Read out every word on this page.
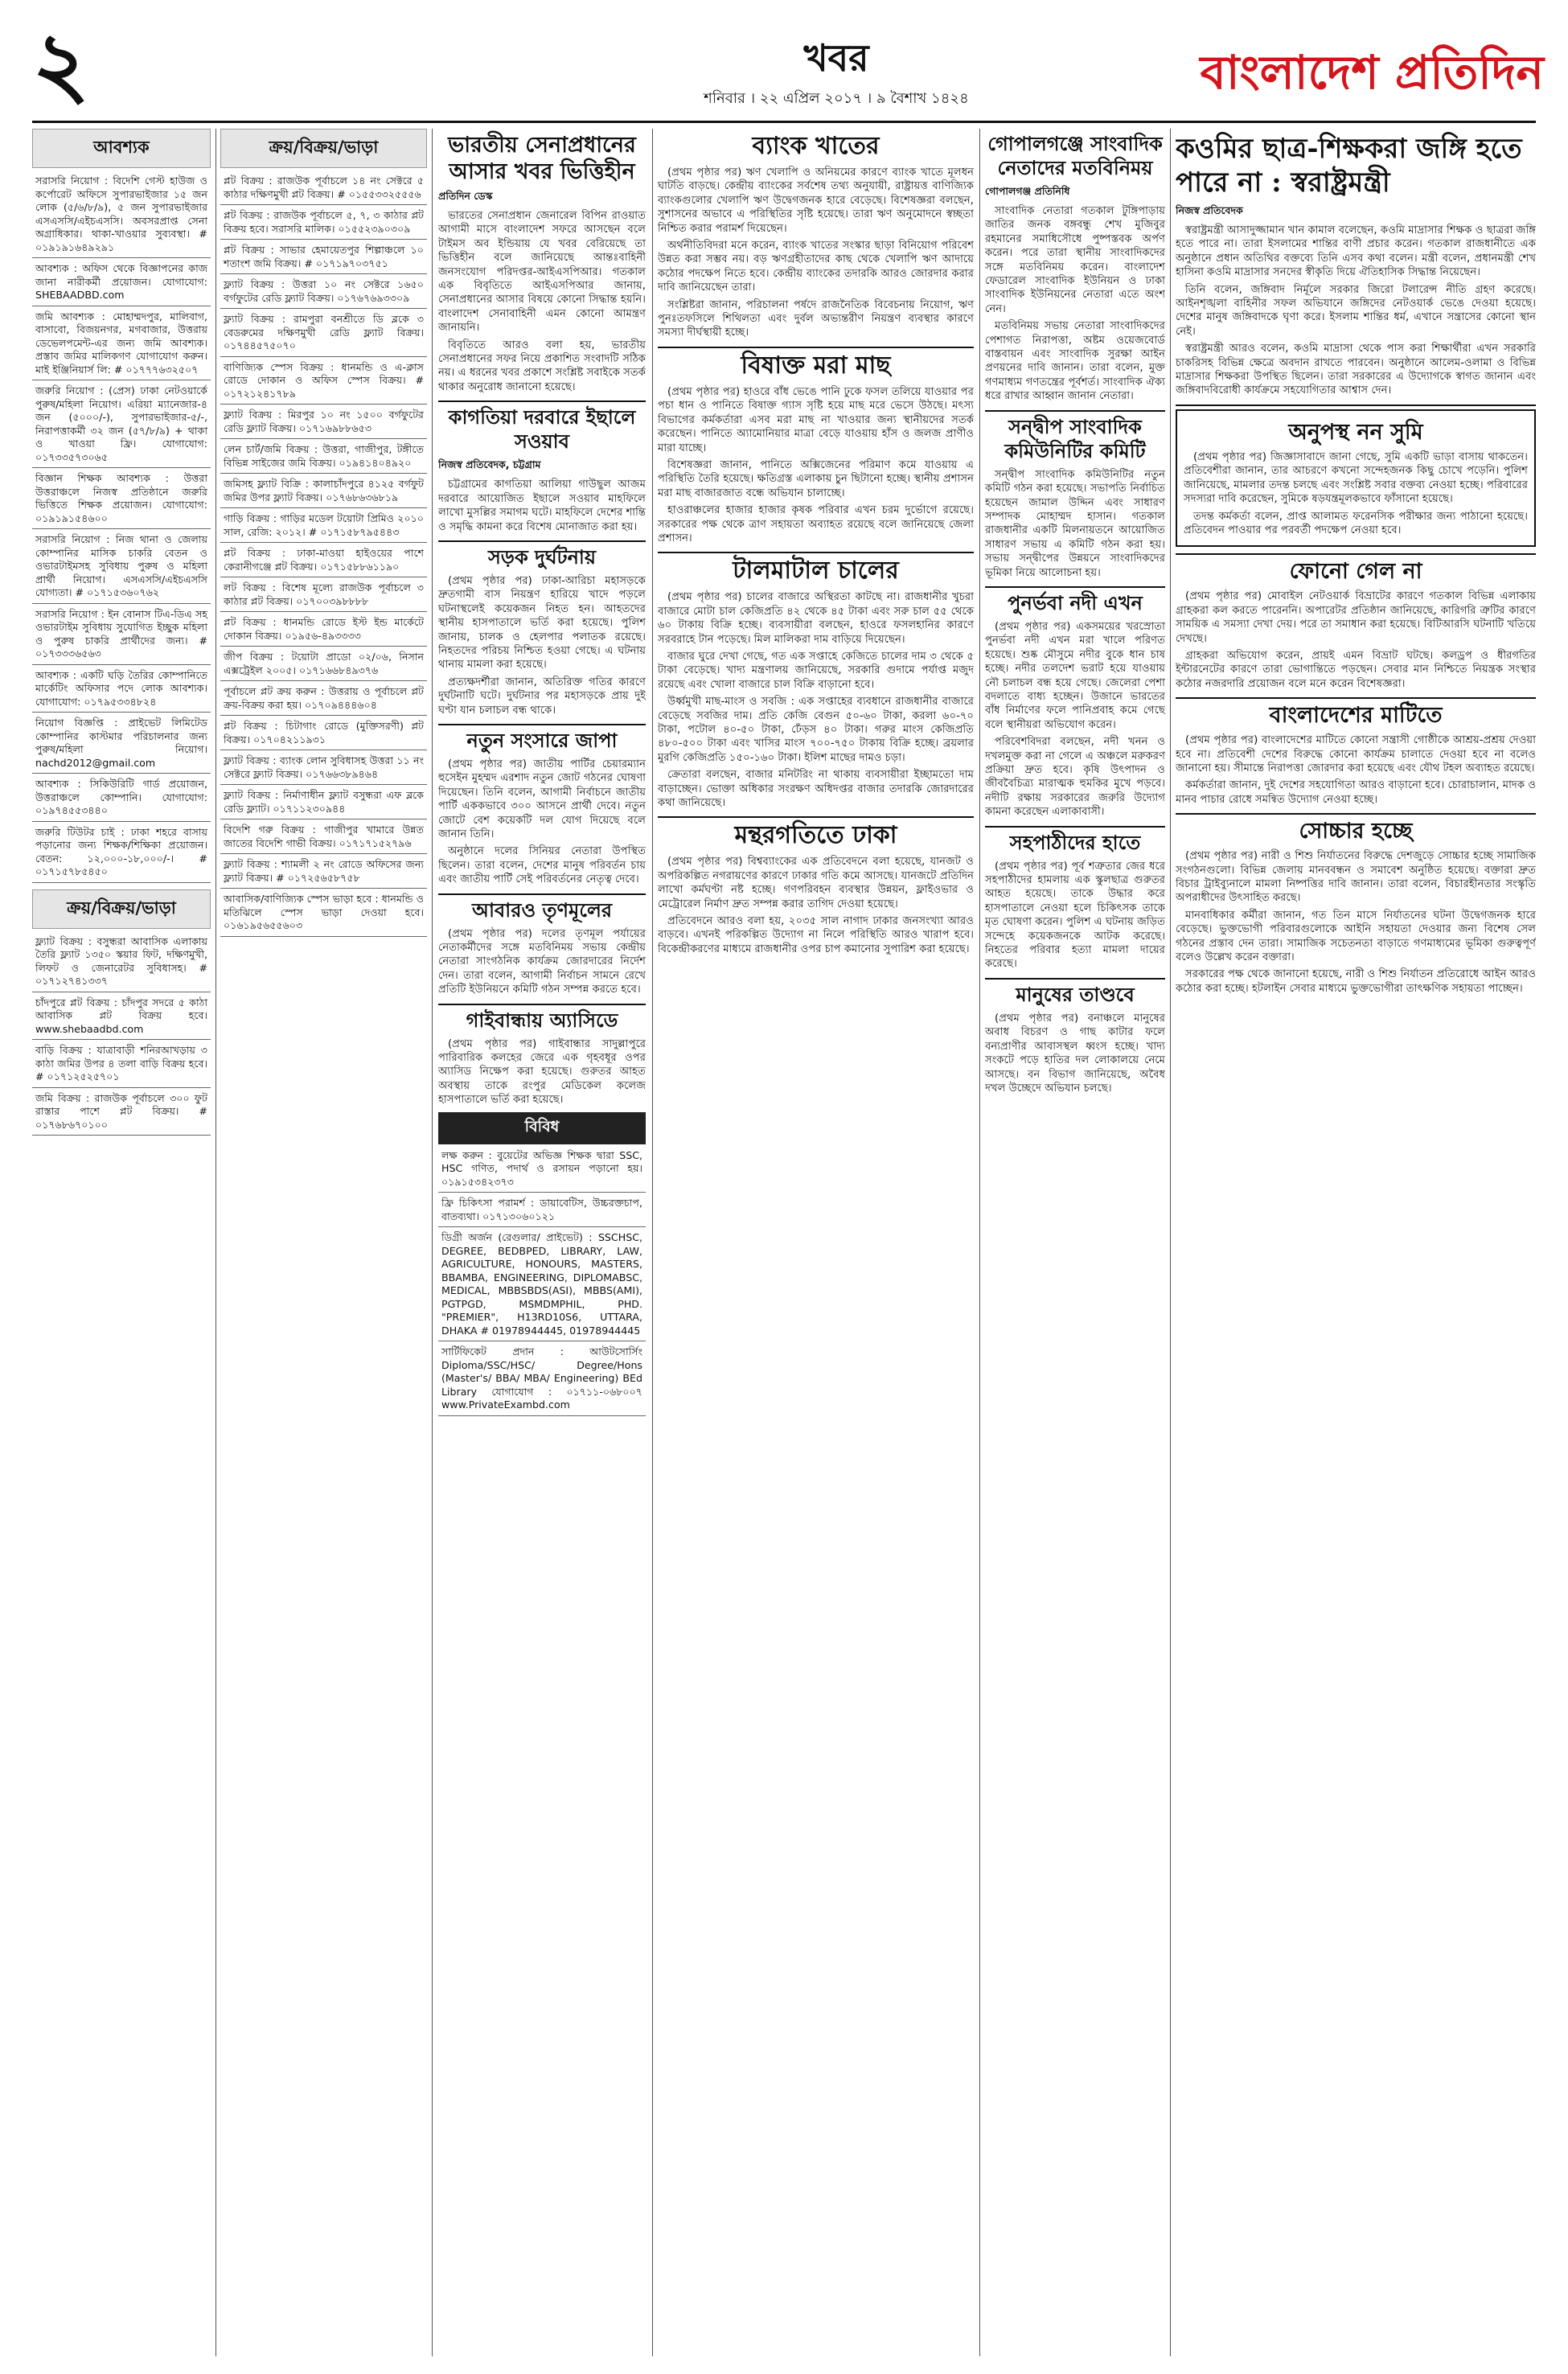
২	খবর
শনিবার । ২২ এপ্রিল ২০১৭ । ৯ বৈশাখ ১৪২৪	বাংলাদেশ প্রতিদিন
আবশ্যক
সরাসরি নিয়োগ : বিদেশি গেস্ট হাউজ ও কর্পোরেট অফিসে সুপারভাইজার ১৫ জন লোক (৫/৬/৮/৯), ৫ জন সুপারভাইজার এসএসসি/এইচএসসি। অবসরপ্রাপ্ত সেনা অগ্রাধিকার। থাকা-খাওয়ার সুব্যবস্থা। # ০১৯১৯১৬৪৯২৯১
আবশ্যক : অফিস থেকে বিজ্ঞাপনের কাজ জানা নারীকর্মী প্রয়োজন। যোগাযোগ: SHEBAADBD.com
জমি আবশ্যক : মোহাম্মদপুর, মালিবাগ, বাসাবো, বিজয়নগর, মগবাজার, উত্তরায় ডেভেলপমেন্ট-এর জন্য জমি আবশ্যক। প্রস্তাব জমির মালিকগণ যোগাযোগ করুন। মাই ইঞ্জিনিয়ার্স লি: # ০১৭৭৭৬৩২৫০৭
জরুরি নিয়োগ : (প্রেস) ঢাকা নেটওয়ার্কে পুরুষ/মহিলা নিয়োগ। এরিয়া ম্যানেজার-৪ জন (৫০০০/-), সুপারভাইজার-৫/-, নিরাপত্তাকর্মী ৩২ জন (৫৭/৮/৯) + থাকা ও খাওয়া ফ্রি। যোগাযোগ: ০১৭৩৩৫৭৩০৬৫
বিজ্ঞান শিক্ষক আবশ্যক : উত্তরা উত্তরাঞ্চলে নিজস্ব প্রতিষ্ঠানে জরুরি ভিত্তিতে শিক্ষক প্রয়োজন। যোগাযোগ: ০১৯১৯১৫৪৬০০
সরাসরি নিয়োগ : নিজ থানা ও জেলায় কোম্পানির মাসিক চাকরি বেতন ও ওভারটাইমসহ সুবিধায় পুরুষ ও মহিলা প্রার্থী নিয়োগ। এসএসসি/এইচএসসি যোগ্যতা। # ০১৭১৫৩৬০৭৬২
সরাসরি নিয়োগ : ইন বোনাস টিএ-ডিএ সহ ওভারটাইম সুবিধায় সুযোগিত ইচ্ছুক মহিলা ও পুরুষ চাকরি প্রার্থীদের জন্য। # ০১৭৩৩৩৬৫৬৩
আবশ্যক : একটি ঘড়ি তৈরির কোম্পানিতে মার্কেটিং অফিসার পদে লোক আবশ্যক। যোগাযোগ: ০১৭৯৫৩৩৪৮২৪
নিয়োগ বিজ্ঞপ্তি : প্রাইভেট লিমিটেড কোম্পানির কাস্টমার পরিচালনার জন্য পুরুষ/মহিলা নিয়োগ। nachd2012@gmail.com
আবশ্যক : সিকিউরিটি গার্ড প্রয়োজন, উত্তরাঞ্চলে কোম্পানি। যোগাযোগ: ০১৯৭৪৫৫৩৪৪০
জরুরি টিউটর চাই : ঢাকা শহরে বাসায় পড়ানোর জন্য শিক্ষক/শিক্ষিকা প্রয়োজন। বেতন: ১২,০০০-১৮,০০০/-। # ০১৭১৫৭৮৫৪৫০
ক্রয়/বিক্রয়/ভাড়া
ফ্ল্যাট বিক্রয় : বসুন্ধরা আবাসিক এলাকায় তৈরি ফ্ল্যাট ১৩৫০ স্কয়ার ফিট, দক্ষিণমুখী, লিফট ও জেনারেটর সুবিধাসহ। # ০১৭১২৭৪১৩৩৭
চাঁদপুরে প্লট বিক্রয় : চাঁদপুর সদরে ৫ কাঠা আবাসিক প্লট বিক্রয় হবে। www.shebaadbd.com
বাড়ি বিক্রয় : যাত্রাবাড়ী শনিরআখড়ায় ৩ কাঠা জমির উপর ৪ তলা বাড়ি বিক্রয় হবে। # ০১৭১২৫২৫৭০১
জমি বিক্রয় : রাজউক পূর্বাচলে ৩০০ ফুট রাস্তার পাশে প্লট বিক্রয়। # ০১৭৬৮৬৭০১০০
ক্রয়/বিক্রয়/ভাড়া
প্লট বিক্রয় : রাজউক পূর্বাচলে ১৪ নং সেক্টরে ৫ কাঠার দক্ষিণমুখী প্লট বিক্রয়। # ০১৫৫৩৩২৫৫৫৬
প্লট বিক্রয় : রাজউক পূর্বাচলে ৫, ৭, ৩ কাঠার প্লট বিক্রয় হবে। সরাসরি মালিক। ০১৫৫২৩৯০৩০৯
প্লট বিক্রয় : সাভার হেমায়েতপুর শিল্পাঞ্চলে ১০ শতাংশ জমি বিক্রয়। # ০১৭১৯৭০৩৭৫১
ফ্ল্যাট বিক্রয় : উত্তরা ১০ নং সেক্টরে ১৬৫০ বর্গফুটের রেডি ফ্ল্যাট বিক্রয়। ০১৭৬৭৬৯৩৩০৯
ফ্ল্যাট বিক্রয় : রামপুরা বনশ্রীতে ডি ব্লকে ৩ বেডরুমের দক্ষিণমুখী রেডি ফ্ল্যাট বিক্রয়। ০১৭৪৪৫৭৫০৭০
বাণিজ্যিক স্পেস বিক্রয় : ধানমন্ডি ও এ-ক্লাস রোডে দোকান ও অফিস স্পেস বিক্রয়। # ০১৭২১২৪১৭৮৯
ফ্ল্যাট বিক্রয় : মিরপুর ১০ নং ১৫০০ বর্গফুটের রেডি ফ্ল্যাট বিক্রয়। ০১৭১৬৯৮৮৬৫৩
লেন চার্ট/জমি বিক্রয় : উত্তরা, গাজীপুর, টঙ্গীতে বিভিন্ন সাইজের জমি বিক্রয়। ০১৯৪১৪০৪৯২০
জমিসহ ফ্ল্যাট বিক্রি : কালাচাঁদপুরে ৪১২৫ বর্গফুট জমির উপর ফ্ল্যাট বিক্রয়। ০১৭৬৮৬৩৬৮১৯
গাড়ি বিক্রয় : গাড়ির মডেল টয়োটা প্রিমিও ২০১০ সাল, রেজি: ২০১২। # ০১৭১৫৮৭৯৫৪৪৩
প্লট বিক্রয় : ঢাকা-মাওয়া হাইওয়ের পাশে কেরানীগঞ্জে প্লট বিক্রয়। ০১৭১৫৮৮৬১১৯০
লট বিক্রয় : বিশেষ মূল্যে রাজউক পূর্বাচলে ৩ কাঠার প্লট বিক্রয়। ০১৭০০৩৯৮৮৮৮
প্লট বিক্রয় : ধানমন্ডি রোডে ইস্ট ইন্ড মার্কেটে দোকান বিক্রয়। ০১৯৫৬-৪৯৩৩৩৩
জীপ বিক্রয় : টয়োটা প্রাডো ০২/০৬, নিসান এক্সট্রেইল ২০০৫। ০১৭১৬৬৮৪৯৩৭৬
পূর্বাচলে প্লট ক্রয় করুন : উত্তরায় ও পূর্বাচলে প্লট ক্রয়-বিক্রয় করা হয়। ০১৭০৯৪৪৪৬০৪
প্লট বিক্রয় : চিটাগাং রোডে (মুক্তিসরণী) প্লট বিক্রয়। ০১৭০৪২১১৯৩১
ফ্ল্যাট বিক্রয় : ব্যাংক লোন সুবিধাসহ উত্তরা ১১ নং সেক্টরে ফ্ল্যাট বিক্রয়। ০১৭৬৬৩৮৯৪৬৪
ফ্ল্যাট বিক্রয় : নির্মাণাধীন ফ্ল্যাট বসুন্ধরা এফ ব্লকে রেডি ফ্ল্যাট। ০১৭১১২৩০৯৪৪
বিদেশি গরু বিক্রয় : গাজীপুর খামারে উন্নত জাতের বিদেশি গাভী বিক্রয়। ০১৭১৭১৫২৭৯৬
ফ্ল্যাট বিক্রয় : শ্যামলী ২ নং রোডে অফিসের জন্য ফ্ল্যাট বিক্রয়। # ০১৭২৫৬৫৮৭৫৮
আবাসিক/বাণিজ্যিক স্পেস ভাড়া হবে : ধানমন্ডি ও মতিঝিলে স্পেস ভাড়া দেওয়া হবে। ০১৬১৯৫৬৫৫৬০৩
ভারতীয় সেনাপ্রধানের আসার খবর ভিত্তিহীন
প্রতিদিন ডেস্ক

ভারতের সেনাপ্রধান জেনারেল বিপিন রাওয়াত আগামী মাসে বাংলাদেশ সফরে আসছেন বলে টাইমস অব ইন্ডিয়ায় যে খবর বেরিয়েছে তা ভিত্তিহীন বলে জানিয়েছে আন্তঃবাহিনী জনসংযোগ পরিদপ্তর-আইএসপিআর। গতকাল এক বিবৃতিতে আইএসপিআর জানায়, সেনাপ্রধানের আসার বিষয়ে কোনো সিদ্ধান্ত হয়নি। বাংলাদেশ সেনাবাহিনী এমন কোনো আমন্ত্রণ জানায়নি।

বিবৃতিতে আরও বলা হয়, ভারতীয় সেনাপ্রধানের সফর নিয়ে প্রকাশিত সংবাদটি সঠিক নয়। এ ধরনের খবর প্রকাশে সংশ্লিষ্ট সবাইকে সতর্ক থাকার অনুরোধ জানানো হয়েছে।

কাগতিয়া দরবারে ইছালে সওয়াব
নিজস্ব প্রতিবেদক, চট্টগ্রাম

চট্টগ্রামের কাগতিয়া আলিয়া গাউছুল আজম দরবারে আয়োজিত ইছালে সওয়াব মাহফিলে লাখো মুসল্লির সমাগম ঘটে। মাহফিলে দেশের শান্তি ও সমৃদ্ধি কামনা করে বিশেষ মোনাজাত করা হয়।

সড়ক দুর্ঘটনায়

(প্রথম পৃষ্ঠার পর) ঢাকা-আরিচা মহাসড়কে দ্রুতগামী বাস নিয়ন্ত্রণ হারিয়ে খাদে পড়লে ঘটনাস্থলেই কয়েকজন নিহত হন। আহতদের স্থানীয় হাসপাতালে ভর্তি করা হয়েছে। পুলিশ জানায়, চালক ও হেলপার পলাতক রয়েছে। নিহতদের পরিচয় নিশ্চিত হওয়া গেছে। এ ঘটনায় থানায় মামলা করা হয়েছে।

প্রত্যক্ষদর্শীরা জানান, অতিরিক্ত গতির কারণে দুর্ঘটনাটি ঘটে। দুর্ঘটনার পর মহাসড়কে প্রায় দুই ঘণ্টা যান চলাচল বন্ধ থাকে।

নতুন সংসারে জাপা

(প্রথম পৃষ্ঠার পর) জাতীয় পার্টির চেয়ারম্যান হুসেইন মুহম্মদ এরশাদ নতুন জোট গঠনের ঘোষণা দিয়েছেন। তিনি বলেন, আগামী নির্বাচনে জাতীয় পার্টি এককভাবে ৩০০ আসনে প্রার্থী দেবে। নতুন জোটে বেশ কয়েকটি দল যোগ দিয়েছে বলে জানান তিনি।

অনুষ্ঠানে দলের সিনিয়র নেতারা উপস্থিত ছিলেন। তারা বলেন, দেশের মানুষ পরিবর্তন চায় এবং জাতীয় পার্টি সেই পরিবর্তনের নেতৃত্ব দেবে।

আবারও তৃণমূলের

(প্রথম পৃষ্ঠার পর) দলের তৃণমূল পর্যায়ের নেতাকর্মীদের সঙ্গে মতবিনিময় সভায় কেন্দ্রীয় নেতারা সাংগঠনিক কার্যক্রম জোরদারের নির্দেশ দেন। তারা বলেন, আগামী নির্বাচন সামনে রেখে প্রতিটি ইউনিয়নে কমিটি গঠন সম্পন্ন করতে হবে।

গাইবান্ধায় অ্যাসিডে

(প্রথম পৃষ্ঠার পর) গাইবান্ধার সাদুল্লাপুরে পারিবারিক কলহের জেরে এক গৃহবধূর ওপর অ্যাসিড নিক্ষেপ করা হয়েছে। গুরুতর আহত অবস্থায় তাকে রংপুর মেডিকেল কলেজ হাসপাতালে ভর্তি করা হয়েছে।

বিবিধ
লক্ষ করুন : বুয়েটের অভিজ্ঞ শিক্ষক দ্বারা SSC, HSC গণিত, পদার্থ ও রসায়ন পড়ানো হয়। ০১৯১৫৩৪২৩৭৩
ফ্রি চিকিৎসা পরামর্শ : ডায়াবেটিস, উচ্চরক্তচাপ, বাতব্যথা। ০১৭১৩০৬০১২১
ডিগ্রী অর্জন (রেগুলার/ প্রাইভেট) : SSCHSC, DEGREE, BEDBPED, LIBRARY, LAW, AGRICULTURE, HONOURS, MASTERS, BBAMBA, ENGINEERING, DIPLOMABSC, MEDICAL, MBBSBDS(ASI), MBBS(AMI), PGTPGD, MSMDMPHIL, PHD. "PREMIER", H13RD10S6, UTTARA, DHAKA # 01978944445, 01978944445
সার্টিফিকেট প্রদান : আউটসোর্সিং Diploma/SSC/HSC/ Degree/Hons (Master's/ BBA/ MBA/ Engineering) BEd Library যোগাযোগ : ০১৭১১-০৬৮০০৭ www.PrivateExambd.com
ব্যাংক খাতের

(প্রথম পৃষ্ঠার পর) ঋণ খেলাপি ও অনিয়মের কারণে ব্যাংক খাতে মূলধন ঘাটতি বাড়ছে। কেন্দ্রীয় ব্যাংকের সর্বশেষ তথ্য অনুযায়ী, রাষ্ট্রায়ত্ত বাণিজ্যিক ব্যাংকগুলোর খেলাপি ঋণ উদ্বেগজনক হারে বেড়েছে। বিশেষজ্ঞরা বলছেন, সুশাসনের অভাবে এ পরিস্থিতির সৃষ্টি হয়েছে। তারা ঋণ অনুমোদনে স্বচ্ছতা নিশ্চিত করার পরামর্শ দিয়েছেন।

অর্থনীতিবিদরা মনে করেন, ব্যাংক খাতের সংস্কার ছাড়া বিনিয়োগ পরিবেশ উন্নত করা সম্ভব নয়। বড় ঋণগ্রহীতাদের কাছ থেকে খেলাপি ঋণ আদায়ে কঠোর পদক্ষেপ নিতে হবে। কেন্দ্রীয় ব্যাংকের তদারকি আরও জোরদার করার দাবি জানিয়েছেন তারা।

সংশ্লিষ্টরা জানান, পরিচালনা পর্ষদে রাজনৈতিক বিবেচনায় নিয়োগ, ঋণ পুনঃতফসিলে শিথিলতা এবং দুর্বল অভ্যন্তরীণ নিয়ন্ত্রণ ব্যবস্থার কারণে সমস্যা দীর্ঘস্থায়ী হচ্ছে।

বিষাক্ত মরা মাছ

(প্রথম পৃষ্ঠার পর) হাওরে বাঁধ ভেঙে পানি ঢুকে ফসল তলিয়ে যাওয়ার পর পচা ধান ও পানিতে বিষাক্ত গ্যাস সৃষ্টি হয়ে মাছ মরে ভেসে উঠছে। মৎস্য বিভাগের কর্মকর্তারা এসব মরা মাছ না খাওয়ার জন্য স্থানীয়দের সতর্ক করেছেন। পানিতে অ্যামোনিয়ার মাত্রা বেড়ে যাওয়ায় হাঁস ও জলজ প্রাণীও মারা যাচ্ছে।

বিশেষজ্ঞরা জানান, পানিতে অক্সিজেনের পরিমাণ কমে যাওয়ায় এ পরিস্থিতি তৈরি হয়েছে। ক্ষতিগ্রস্ত এলাকায় চুন ছিটানো হচ্ছে। স্থানীয় প্রশাসন মরা মাছ বাজারজাত বন্ধে অভিযান চালাচ্ছে।

হাওরাঞ্চলের হাজার হাজার কৃষক পরিবার এখন চরম দুর্ভোগে রয়েছে। সরকারের পক্ষ থেকে ত্রাণ সহায়তা অব্যাহত রয়েছে বলে জানিয়েছে জেলা প্রশাসন।

টালমাটাল চালের

(প্রথম পৃষ্ঠার পর) চালের বাজারে অস্থিরতা কাটছে না। রাজধানীর খুচরা বাজারে মোটা চাল কেজিপ্রতি ৪২ থেকে ৪৫ টাকা এবং সরু চাল ৫৫ থেকে ৬০ টাকায় বিক্রি হচ্ছে। ব্যবসায়ীরা বলছেন, হাওরে ফসলহানির কারণে সরবরাহে টান পড়েছে। মিল মালিকরা দাম বাড়িয়ে দিয়েছেন।

বাজার ঘুরে দেখা গেছে, গত এক সপ্তাহে কেজিতে চালের দাম ৩ থেকে ৫ টাকা বেড়েছে। খাদ্য মন্ত্রণালয় জানিয়েছে, সরকারি গুদামে পর্যাপ্ত মজুদ রয়েছে এবং খোলা বাজারে চাল বিক্রি বাড়ানো হবে।

উর্ধ্বমুখী মাছ-মাংস ও সবজি : এক সপ্তাহের ব্যবধানে রাজধানীর বাজারে বেড়েছে সবজির দাম। প্রতি কেজি বেগুন ৫০-৬০ টাকা, করলা ৬০-৭০ টাকা, পটোল ৪০-৫০ টাকা, ঢেঁড়স ৪০ টাকা। গরুর মাংস কেজিপ্রতি ৪৮০-৫০০ টাকা এবং খাসির মাংস ৭০০-৭৫০ টাকায় বিক্রি হচ্ছে। ব্রয়লার মুরগি কেজিপ্রতি ১৫০-১৬০ টাকা। ইলিশ মাছের দামও চড়া।

ক্রেতারা বলছেন, বাজার মনিটরিং না থাকায় ব্যবসায়ীরা ইচ্ছামতো দাম বাড়াচ্ছেন। ভোক্তা অধিকার সংরক্ষণ অধিদপ্তর বাজার তদারকি জোরদারের কথা জানিয়েছে।

মন্থরগতিতে ঢাকা

(প্রথম পৃষ্ঠার পর) বিশ্বব্যাংকের এক প্রতিবেদনে বলা হয়েছে, যানজট ও অপরিকল্পিত নগরায়ণের কারণে ঢাকার গতি কমে আসছে। যানজটে প্রতিদিন লাখো কর্মঘণ্টা নষ্ট হচ্ছে। গণপরিবহন ব্যবস্থার উন্নয়ন, ফ্লাইওভার ও মেট্রোরেল নির্মাণ দ্রুত সম্পন্ন করার তাগিদ দেওয়া হয়েছে।

প্রতিবেদনে আরও বলা হয়, ২০৩৫ সাল নাগাদ ঢাকার জনসংখ্যা আরও বাড়বে। এখনই পরিকল্পিত উদ্যোগ না নিলে পরিস্থিতি আরও খারাপ হবে। বিকেন্দ্রীকরণের মাধ্যমে রাজধানীর ওপর চাপ কমানোর সুপারিশ করা হয়েছে।

গোপালগঞ্জে সাংবাদিক নেতাদের মতবিনিময়
গোপালগঞ্জ প্রতিনিধি

সাংবাদিক নেতারা গতকাল টুঙ্গিপাড়ায় জাতির জনক বঙ্গবন্ধু শেখ মুজিবুর রহমানের সমাধিসৌধে পুষ্পস্তবক অর্পণ করেন। পরে তারা স্থানীয় সাংবাদিকদের সঙ্গে মতবিনিময় করেন। বাংলাদেশ ফেডারেল সাংবাদিক ইউনিয়ন ও ঢাকা সাংবাদিক ইউনিয়নের নেতারা এতে অংশ নেন।

মতবিনিময় সভায় নেতারা সাংবাদিকদের পেশাগত নিরাপত্তা, অষ্টম ওয়েজবোর্ড বাস্তবায়ন এবং সাংবাদিক সুরক্ষা আইন প্রণয়নের দাবি জানান। তারা বলেন, মুক্ত গণমাধ্যম গণতন্ত্রের পূর্বশর্ত। সাংবাদিক ঐক্য ধরে রাখার আহ্বান জানান নেতারা।

সন্দ্বীপ সাংবাদিক কমিউনিটির কমিটি

সন্দ্বীপ সাংবাদিক কমিউনিটির নতুন কমিটি গঠন করা হয়েছে। সভাপতি নির্বাচিত হয়েছেন জামাল উদ্দিন এবং সাধারণ সম্পাদক মোহাম্মদ হাসান। গতকাল রাজধানীর একটি মিলনায়তনে আয়োজিত সাধারণ সভায় এ কমিটি গঠন করা হয়। সভায় সন্দ্বীপের উন্নয়নে সাংবাদিকদের ভূমিকা নিয়ে আলোচনা হয়।

পুনর্ভবা নদী এখন

(প্রথম পৃষ্ঠার পর) একসময়ের খরস্রোতা পুনর্ভবা নদী এখন মরা খালে পরিণত হয়েছে। শুষ্ক মৌসুমে নদীর বুকে ধান চাষ হচ্ছে। নদীর তলদেশ ভরাট হয়ে যাওয়ায় নৌ চলাচল বন্ধ হয়ে গেছে। জেলেরা পেশা বদলাতে বাধ্য হচ্ছেন। উজানে ভারতের বাঁধ নির্মাণের ফলে পানিপ্রবাহ কমে গেছে বলে স্থানীয়রা অভিযোগ করেন।

পরিবেশবিদরা বলছেন, নদী খনন ও দখলমুক্ত করা না গেলে এ অঞ্চলে মরুকরণ প্রক্রিয়া দ্রুত হবে। কৃষি উৎপাদন ও জীববৈচিত্র্য মারাত্মক হুমকির মুখে পড়বে। নদীটি রক্ষায় সরকারের জরুরি উদ্যোগ কামনা করেছেন এলাকাবাসী।

সহপাঠীদের হাতে

(প্রথম পৃষ্ঠার পর) পূর্ব শত্রুতার জের ধরে সহপাঠীদের হামলায় এক স্কুলছাত্র গুরুতর আহত হয়েছে। তাকে উদ্ধার করে হাসপাতালে নেওয়া হলে চিকিৎসক তাকে মৃত ঘোষণা করেন। পুলিশ এ ঘটনায় জড়িত সন্দেহে কয়েকজনকে আটক করেছে। নিহতের পরিবার হত্যা মামলা দায়ের করেছে।

মানুষের তাণ্ডবে

(প্রথম পৃষ্ঠার পর) বনাঞ্চলে মানুষের অবাধ বিচরণ ও গাছ কাটার ফলে বন্যপ্রাণীর আবাসস্থল ধ্বংস হচ্ছে। খাদ্য সংকটে পড়ে হাতির দল লোকালয়ে নেমে আসছে। বন বিভাগ জানিয়েছে, অবৈধ দখল উচ্ছেদে অভিযান চলছে।

কওমির ছাত্র-শিক্ষকরা জঙ্গি হতে পারে না : স্বরাষ্ট্রমন্ত্রী
নিজস্ব প্রতিবেদক

স্বরাষ্ট্রমন্ত্রী আসাদুজ্জামান খান কামাল বলেছেন, কওমি মাদ্রাসার শিক্ষক ও ছাত্ররা জঙ্গি হতে পারে না। তারা ইসলামের শান্তির বাণী প্রচার করেন। গতকাল রাজধানীতে এক অনুষ্ঠানে প্রধান অতিথির বক্তব্যে তিনি এসব কথা বলেন। মন্ত্রী বলেন, প্রধানমন্ত্রী শেখ হাসিনা কওমি মাদ্রাসার সনদের স্বীকৃতি দিয়ে ঐতিহাসিক সিদ্ধান্ত নিয়েছেন।

তিনি বলেন, জঙ্গিবাদ নির্মূলে সরকার জিরো টলারেন্স নীতি গ্রহণ করেছে। আইনশৃঙ্খলা বাহিনীর সফল অভিযানে জঙ্গিদের নেটওয়ার্ক ভেঙে দেওয়া হয়েছে। দেশের মানুষ জঙ্গিবাদকে ঘৃণা করে। ইসলাম শান্তির ধর্ম, এখানে সন্ত্রাসের কোনো স্থান নেই।

স্বরাষ্ট্রমন্ত্রী আরও বলেন, কওমি মাদ্রাসা থেকে পাস করা শিক্ষার্থীরা এখন সরকারি চাকরিসহ বিভিন্ন ক্ষেত্রে অবদান রাখতে পারবেন। অনুষ্ঠানে আলেম-ওলামা ও বিভিন্ন মাদ্রাসার শিক্ষকরা উপস্থিত ছিলেন। তারা সরকারের এ উদ্যোগকে স্বাগত জানান এবং জঙ্গিবাদবিরোধী কার্যক্রমে সহযোগিতার আশ্বাস দেন।

অনুপস্থ নন সুমি

(প্রথম পৃষ্ঠার পর) জিজ্ঞাসাবাদে জানা গেছে, সুমি একটি ভাড়া বাসায় থাকতেন। প্রতিবেশীরা জানান, তার আচরণে কখনো সন্দেহজনক কিছু চোখে পড়েনি। পুলিশ জানিয়েছে, মামলার তদন্ত চলছে এবং সংশ্লিষ্ট সবার বক্তব্য নেওয়া হচ্ছে। পরিবারের সদস্যরা দাবি করেছেন, সুমিকে ষড়যন্ত্রমূলকভাবে ফাঁসানো হয়েছে।

তদন্ত কর্মকর্তা বলেন, প্রাপ্ত আলামত ফরেনসিক পরীক্ষার জন্য পাঠানো হয়েছে। প্রতিবেদন পাওয়ার পর পরবর্তী পদক্ষেপ নেওয়া হবে।

ফোনো গেল না

(প্রথম পৃষ্ঠার পর) মোবাইল নেটওয়ার্ক বিভ্রাটের কারণে গতকাল বিভিন্ন এলাকায় গ্রাহকরা কল করতে পারেননি। অপারেটর প্রতিষ্ঠান জানিয়েছে, কারিগরি ত্রুটির কারণে সাময়িক এ সমস্যা দেখা দেয়। পরে তা সমাধান করা হয়েছে। বিটিআরসি ঘটনাটি খতিয়ে দেখছে।

গ্রাহকরা অভিযোগ করেন, প্রায়ই এমন বিভ্রাট ঘটছে। কলড্রপ ও ধীরগতির ইন্টারনেটের কারণে তারা ভোগান্তিতে পড়ছেন। সেবার মান নিশ্চিতে নিয়ন্ত্রক সংস্থার কঠোর নজরদারি প্রয়োজন বলে মনে করেন বিশেষজ্ঞরা।

বাংলাদেশের মাটিতে

(প্রথম পৃষ্ঠার পর) বাংলাদেশের মাটিতে কোনো সন্ত্রাসী গোষ্ঠীকে আশ্রয়-প্রশ্রয় দেওয়া হবে না। প্রতিবেশী দেশের বিরুদ্ধে কোনো কার্যক্রম চালাতে দেওয়া হবে না বলেও জানানো হয়। সীমান্তে নিরাপত্তা জোরদার করা হয়েছে এবং যৌথ টহল অব্যাহত রয়েছে।

কর্মকর্তারা জানান, দুই দেশের সহযোগিতা আরও বাড়ানো হবে। চোরাচালান, মাদক ও মানব পাচার রোধে সমন্বিত উদ্যোগ নেওয়া হচ্ছে।

সোচ্চার হচ্ছে

(প্রথম পৃষ্ঠার পর) নারী ও শিশু নির্যাতনের বিরুদ্ধে দেশজুড়ে সোচ্চার হচ্ছে সামাজিক সংগঠনগুলো। বিভিন্ন জেলায় মানববন্ধন ও সমাবেশ অনুষ্ঠিত হয়েছে। বক্তারা দ্রুত বিচার ট্রাইব্যুনালে মামলা নিষ্পত্তির দাবি জানান। তারা বলেন, বিচারহীনতার সংস্কৃতি অপরাধীদের উৎসাহিত করছে।

মানবাধিকার কর্মীরা জানান, গত তিন মাসে নির্যাতনের ঘটনা উদ্বেগজনক হারে বেড়েছে। ভুক্তভোগী পরিবারগুলোকে আইনি সহায়তা দেওয়ার জন্য বিশেষ সেল গঠনের প্রস্তাব দেন তারা। সামাজিক সচেতনতা বাড়াতে গণমাধ্যমের ভূমিকা গুরুত্বপূর্ণ বলেও উল্লেখ করেন বক্তারা।

সরকারের পক্ষ থেকে জানানো হয়েছে, নারী ও শিশু নির্যাতন প্রতিরোধে আইন আরও কঠোর করা হচ্ছে। হটলাইন সেবার মাধ্যমে ভুক্তভোগীরা তাৎক্ষণিক সহায়তা পাচ্ছেন।
